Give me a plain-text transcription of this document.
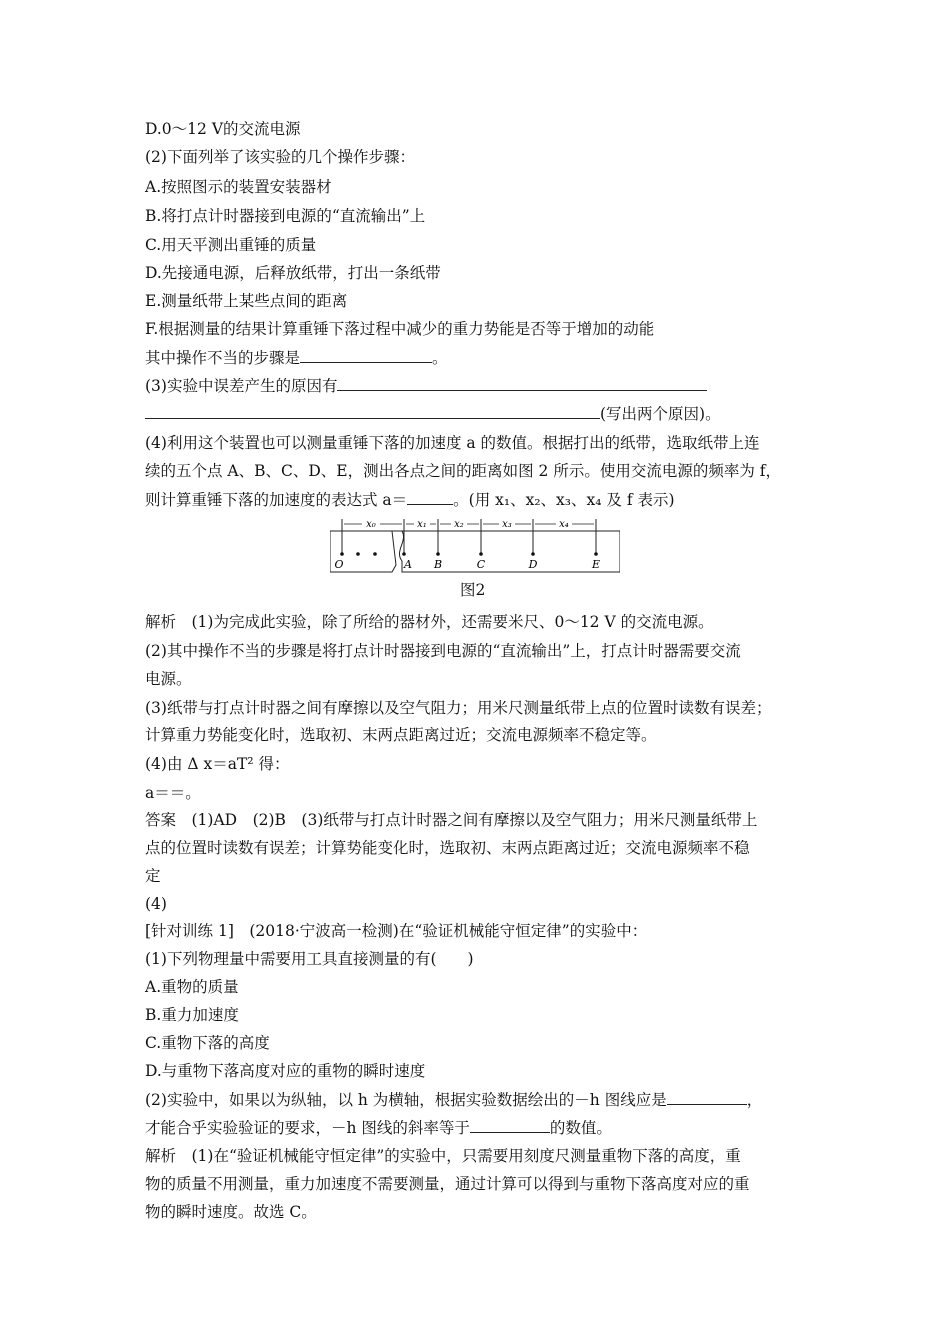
D.0～12 V的交流电源
(2)下面列举了该实验的几个操作步骤：
A.按照图示的装置安装器材
B.将打点计时器接到电源的“直流输出”上
C.用天平测出重锤的质量
D.先接通电源，后释放纸带，打出一条纸带
E.测量纸带上某些点间的距离
F.根据测量的结果计算重锤下落过程中减少的重力势能是否等于增加的动能
其中操作不当的步骤是	。
(3)实验中误差产生的原因有
(写出两个原因)。
(4)利用这个装置也可以测量重锤下落的加速度 a 的数值。根据打出的纸带，选取纸带上连
续的五个点 A、B、C、D、E，测出各点之间的距离如图 2 所示。使用交流电源的频率为 f，
则计算重锤下落的加速度的表达式 a＝	。(用 x₁、x₂、x₃、x₄ 及 f 表示)
x₀	x₁	x₂	x₃	x₄
O	A B	C	D	E
图2
解析　(1)为完成此实验，除了所给的器材外，还需要米尺、0～12 V 的交流电源。
(2)其中操作不当的步骤是将打点计时器接到电源的“直流输出”上，打点计时器需要交流
电源。
(3)纸带与打点计时器之间有摩擦以及空气阻力；用米尺测量纸带上点的位置时读数有误差；
计算重力势能变化时，选取初、末两点距离过近；交流电源频率不稳定等。
(4)由 Δ x＝aT² 得：
a＝＝。
答案　(1)AD　(2)B　(3)纸带与打点计时器之间有摩擦以及空气阻力；用米尺测量纸带上
点的位置时读数有误差；计算势能变化时，选取初、末两点距离过近；交流电源频率不稳
定
(4)
[针对训练 1]　(2018·宁波高一检测)在“验证机械能守恒定律”的实验中：
(1)下列物理量中需要用工具直接测量的有(　　)
A.重物的质量
B.重力加速度
C.重物下落的高度
D.与重物下落高度对应的重物的瞬时速度
(2)实验中，如果以为纵轴，以 h 为横轴，根据实验数据绘出的－h 图线应是	，
才能合乎实验验证的要求，－h 图线的斜率等于	的数值。
解析　(1)在“验证机械能守恒定律”的实验中，只需要用刻度尺测量重物下落的高度，重
物的质量不用测量，重力加速度不需要测量，通过计算可以得到与重物下落高度对应的重
物的瞬时速度。故选 C。
